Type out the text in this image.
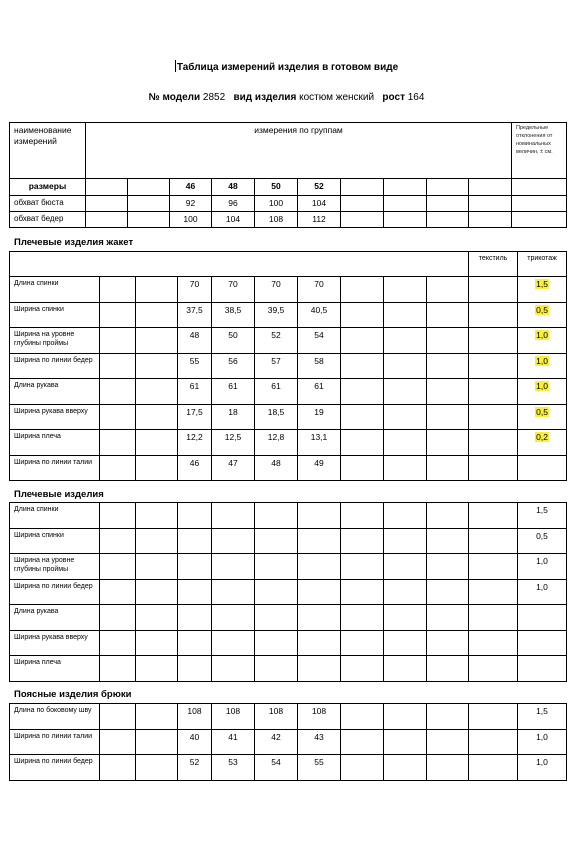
Таблица измерений изделия в готовом виде
№ модели 2852 вид изделия костюм женский рост 164
наименование измерений	измерения по группам										Предельные отклонения от номинальных величин, ± см.
размеры			46	48	50	52					
обхват бюста			92	96	100	104					
обхват бедер			100	104	108	112					
Плечевые изделия жакет
										текстиль	трикотаж	
Длина спинки			70	70	70	70					1,5	
Ширина спинки			37,5	38,5	39,5	40,5					0,5	
Ширина на уровне глубины проймы			48	50	52	54					1,0	
Ширина по линии бедер			55	56	57	58					1,0	
Длина рукава			61	61	61	61					1,0	
Ширина рукава вверху			17,5	18	18,5	19					0,5	
Ширина плеча			12,2	12,5	12,8	13,1					0,2	
Ширина по линии талии			46	47	48	49						
Плечевые изделия
Длина спинки											1,5	
Ширина спинки											0,5	
Ширина на уровне глубины проймы											1,0	
Ширина по линии бедер											1,0	
Длина рукава												
Ширина рукава вверху												
Ширина плеча												
Поясные изделия брюки
Длина по боковому шву			108	108	108	108					1,5	
Ширина по линии талии			40	41	42	43					1,0	
Ширина по линии бедер			52	53	54	55					1,0	
